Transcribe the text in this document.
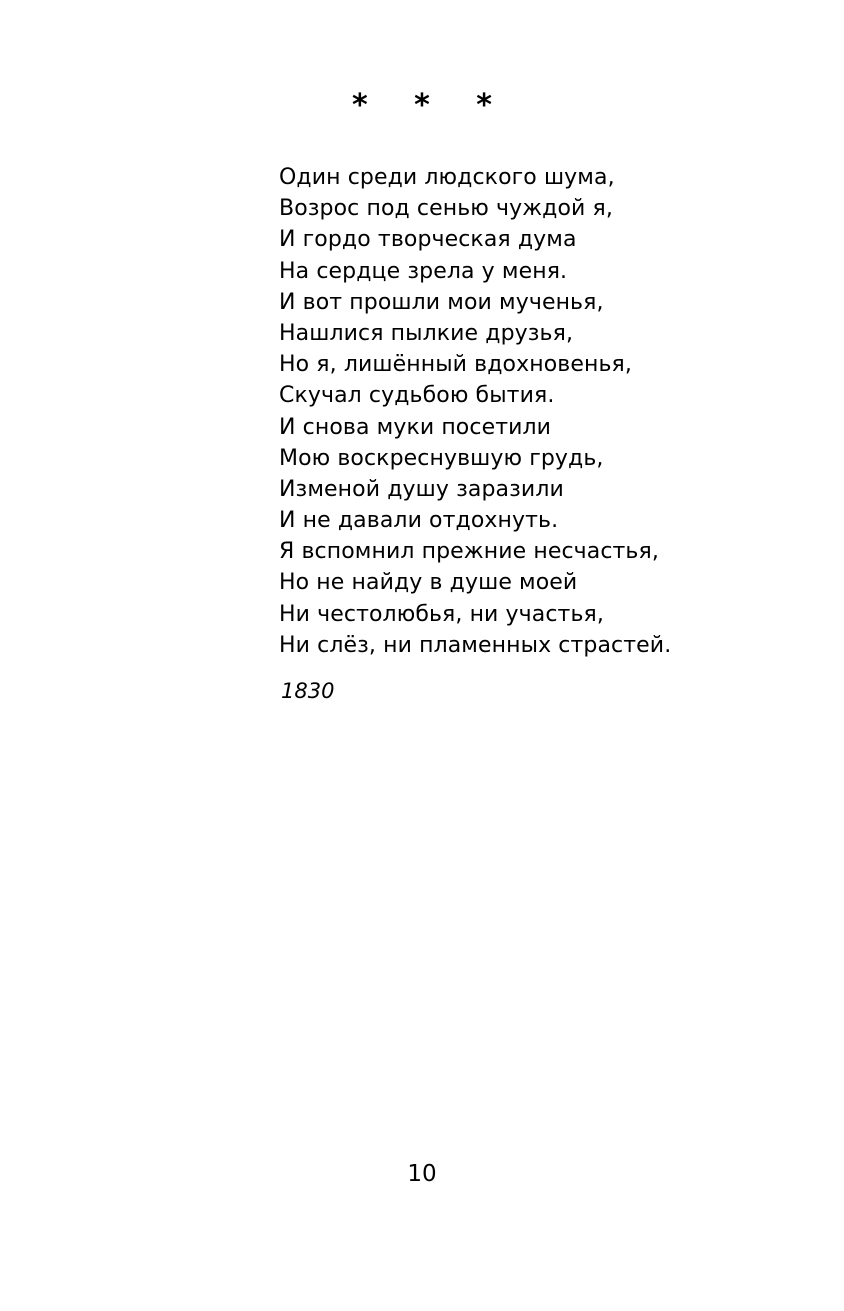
* * *
Один среди людского шума,
Возрос под сенью чуждой я,
И гордо творческая дума
На сердце зрела у меня.
И вот прошли мои мученья,
Нашлися пылкие друзья,
Но я, лишённый вдохновенья,
Скучал судьбою бытия.
И снова муки посетили
Мою воскреснувшую грудь,
Изменой душу заразили
И не давали отдохнуть.
Я вспомнил прежние несчастья,
Но не найду в душе моей
Ни честолюбья, ни участья,
Ни слёз, ни пламенных страстей.
1830
10
